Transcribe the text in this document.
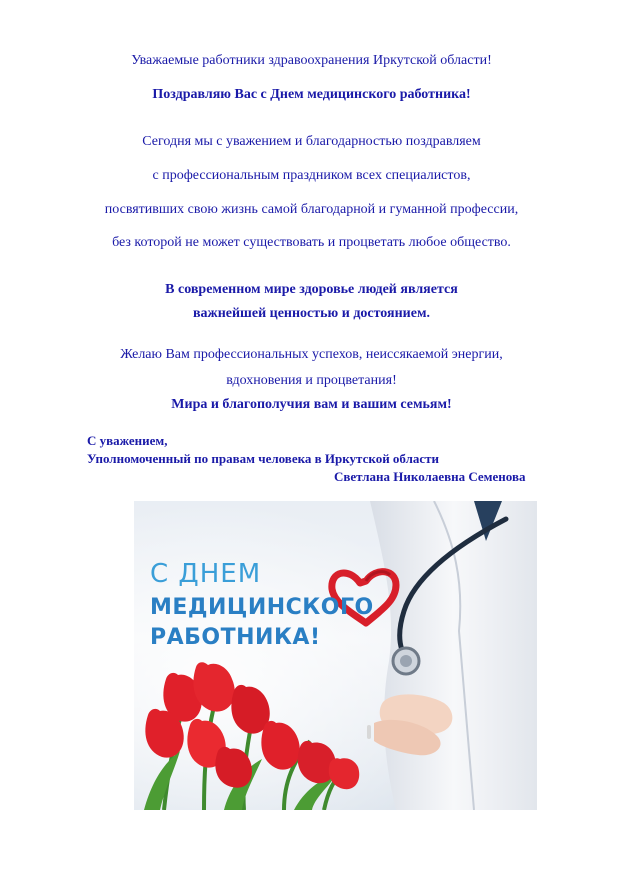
Уважаемые работники здравоохранения Иркутской области!
Поздравляю Вас с Днем медицинского работника!
Сегодня мы с уважением и благодарностью поздравляем
с профессиональным праздником всех специалистов,
посвятивших свою жизнь самой благодарной и гуманной профессии,
без которой не может существовать и процветать любое общество.
В современном мире здоровье людей является
важнейшей ценностью и достоянием.
Желаю Вам профессиональных успехов, неиссякаемой энергии,
вдохновения и процветания!
Мира и благополучия вам и вашим семьям!
С уважением,
Уполномоченный по правам человека в Иркутской области
Светлана Николаевна Семенова
С ДНЕМ
МЕДИЦИНСКОГО
РАБОТНИКА!
